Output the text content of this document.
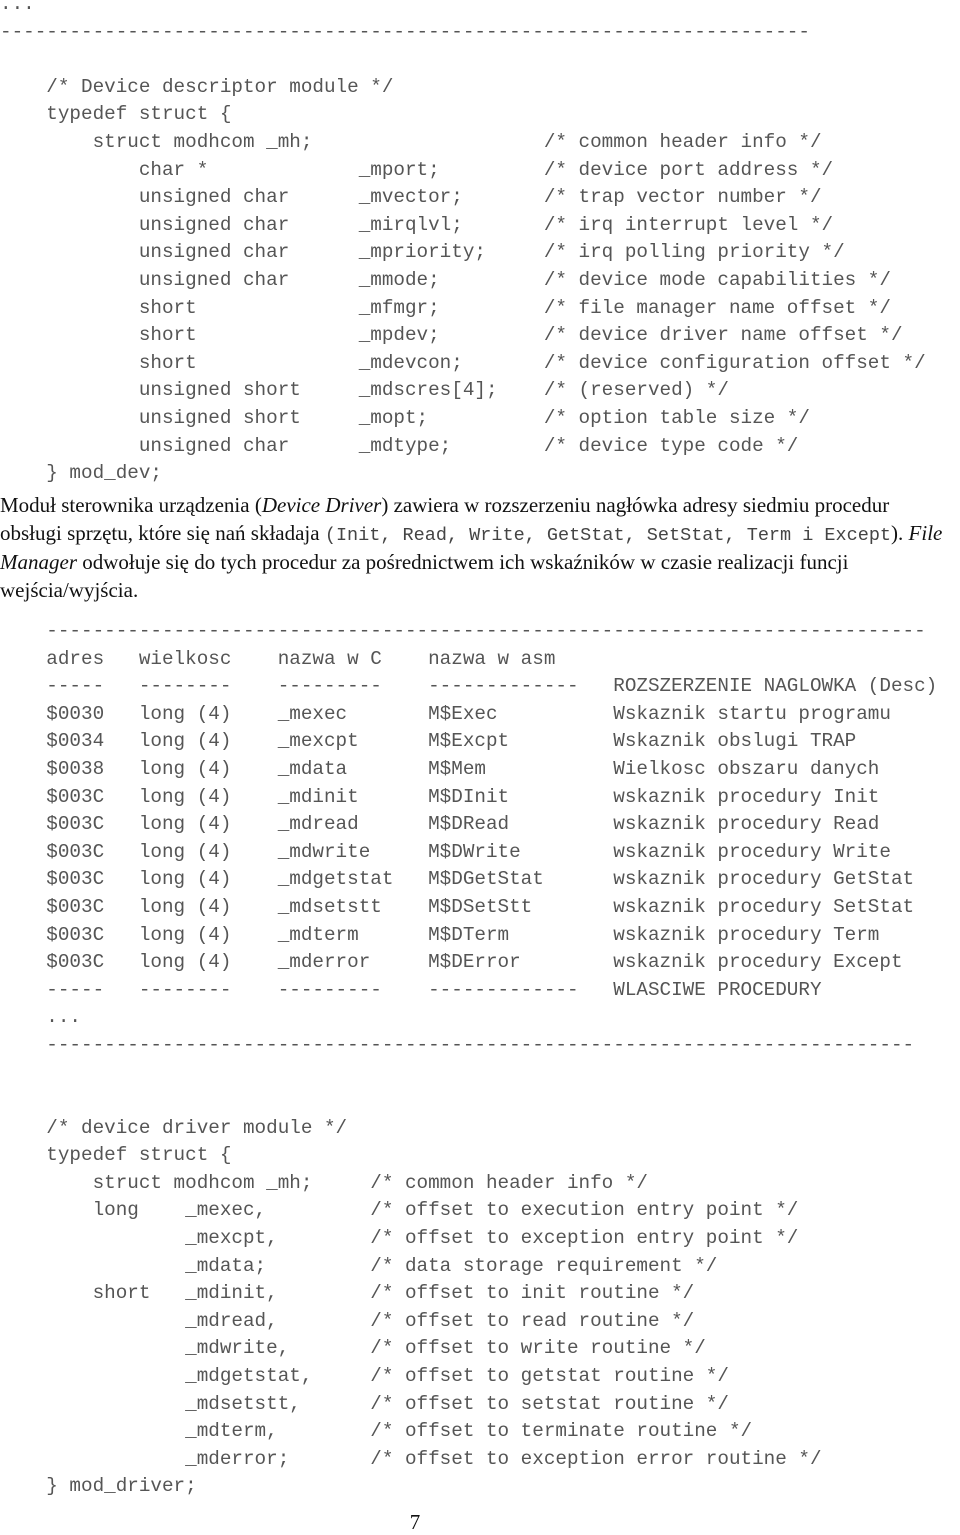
...
----------------------------------------------------------------------
/* Device descriptor module */
typedef struct {
struct modhcom _mh;                    /* common header info */
char *             _mport;         /* device port address */
unsigned char      _mvector;       /* trap vector number */
unsigned char      _mirqlvl;       /* irq interrupt level */
unsigned char      _mpriority;     /* irq polling priority */
unsigned char      _mmode;         /* device mode capabilities */
short              _mfmgr;         /* file manager name offset */
short              _mpdev;         /* device driver name offset */
short              _mdevcon;       /* device configuration offset */
unsigned short     _mdscres[4];    /* (reserved) */
unsigned short     _mopt;          /* option table size */
unsigned char      _mdtype;        /* device type code */
} mod_dev;
Moduł sterownika urządzenia (Device Driver) zawiera w rozszerzeniu nagłówka adresy siedmiu procedur obsługi sprzętu, które się nań składaja (Init, Read, Write, GetStat, SetStat, Term i Except). File Manager odwołuje się do tych procedur za pośrednictwem ich wskaźników w czasie realizacji funcji wejścia/wyjścia.
----------------------------------------------------------------------------
adres   wielkosc    nazwa w C    nazwa w asm
-----   --------    ---------    -------------   ROZSZERZENIE NAGLOWKA (Desc)
$0030   long (4)    _mexec       M$Exec          Wskaznik startu programu
$0034   long (4)    _mexcpt      M$Excpt         Wskaznik obslugi TRAP
$0038   long (4)    _mdata       M$Mem           Wielkosc obszaru danych
$003C   long (4)    _mdinit      M$DInit         wskaznik procedury Init
$003C   long (4)    _mdread      M$DRead         wskaznik procedury Read
$003C   long (4)    _mdwrite     M$DWrite        wskaznik procedury Write
$003C   long (4)    _mdgetstat   M$DGetStat      wskaznik procedury GetStat
$003C   long (4)    _mdsetstt    M$DSetStt       wskaznik procedury SetStat
$003C   long (4)    _mdterm      M$DTerm         wskaznik procedury Term
$003C   long (4)    _mderror     M$DError        wskaznik procedury Except
-----   --------    ---------    -------------   WLASCIWE PROCEDURY
...
---------------------------------------------------------------------------
/* device driver module */
typedef struct {
struct modhcom _mh;     /* common header info */
long    _mexec,         /* offset to execution entry point */
_mexcpt,        /* offset to exception entry point */
_mdata;         /* data storage requirement */
short   _mdinit,        /* offset to init routine */
_mdread,        /* offset to read routine */
_mdwrite,       /* offset to write routine */
_mdgetstat,     /* offset to getstat routine */
_mdsetstt,      /* offset to setstat routine */
_mdterm,        /* offset to terminate routine */
_mderror;       /* offset to exception error routine */
} mod_driver;
7
